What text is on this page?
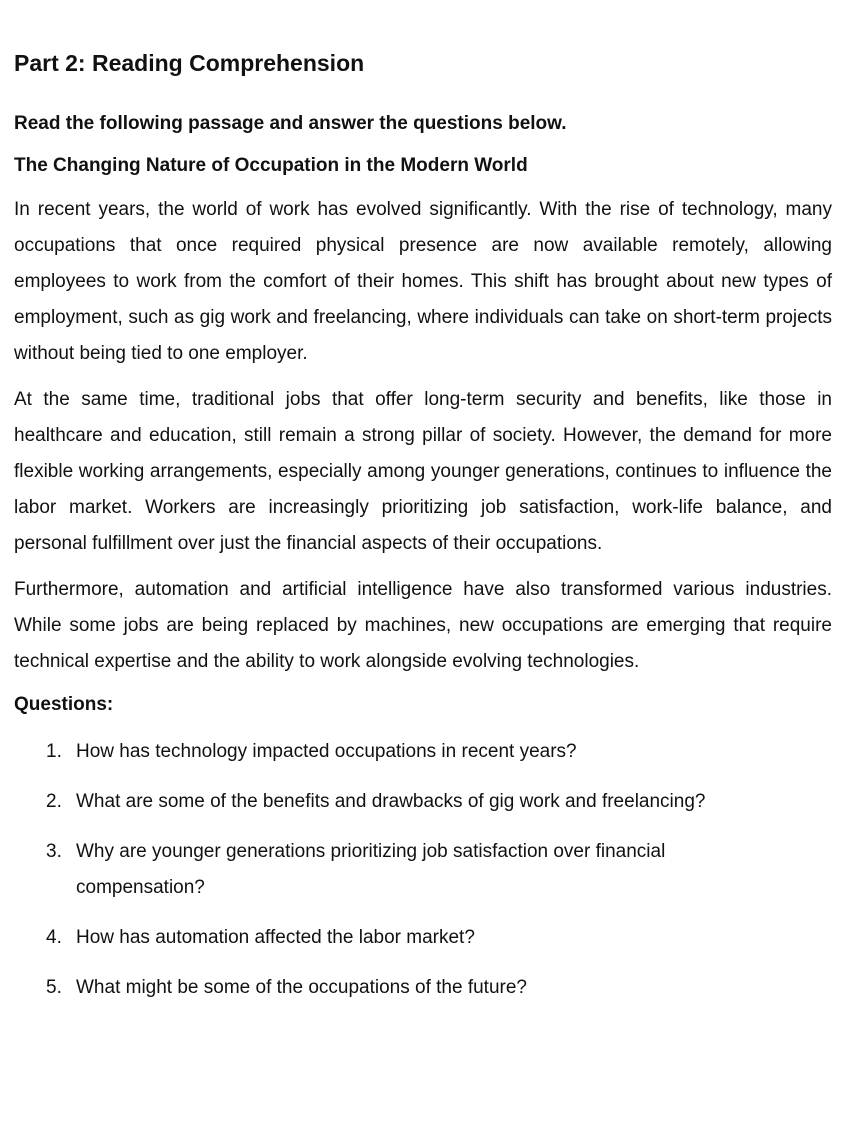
Part 2: Reading Comprehension
Read the following passage and answer the questions below.
The Changing Nature of Occupation in the Modern World

In recent years, the world of work has evolved significantly. With the rise of technology, many occupations that once required physical presence are now available remotely, allowing employees to work from the comfort of their homes. This shift has brought about new types of employment, such as gig work and freelancing, where individuals can take on short-term projects without being tied to one employer.

At the same time, traditional jobs that offer long-term security and benefits, like those in healthcare and education, still remain a strong pillar of society. However, the demand for more flexible working arrangements, especially among younger generations, continues to influence the labor market. Workers are increasingly prioritizing job satisfaction, work-life balance, and personal fulfillment over just the financial aspects of their occupations.

Furthermore, automation and artificial intelligence have also transformed various industries. While some jobs are being replaced by machines, new occupations are emerging that require technical expertise and the ability to work alongside evolving technologies.

Questions:
1. How has technology impacted occupations in recent years?
2. What are some of the benefits and drawbacks of gig work and freelancing?
3. Why are younger generations prioritizing job satisfaction over financial compensation?
4. How has automation affected the labor market?
5. What might be some of the occupations of the future?
